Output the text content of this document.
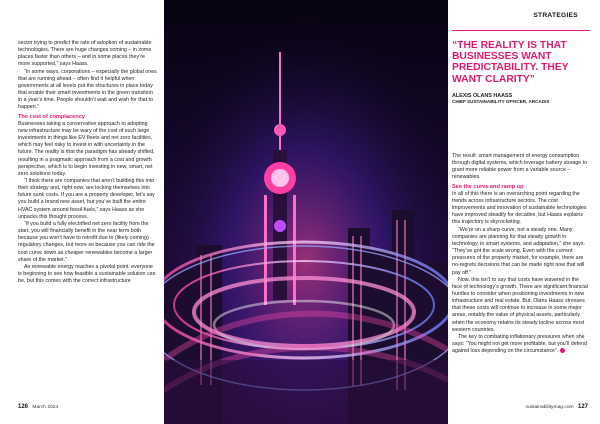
sector trying to predict the rate of adoption of sustainable technologies. There are huge changes coming – in some places faster than others – and in some places they’re more supported,” says Haass.

“In some ways, corporations – especially the global ones that are running ahead – often find it helpful when governments at all levels put the structures in place today that enable their smart investments in the green transition in a year’s time. People shouldn’t wait and wish for that to happen.”

The cost of complacency

Businesses taking a conservative approach to adopting new infrastructure may be wary of the cost of such large investments in things like EV fleets and net zero facilities, which may feel risky to invest in with uncertainty in the future. The reality is that the paradigm has already shifted, resulting in a pragmatic approach from a cost and growth perspective, which is to begin investing in new, smart, net zero solutions today.

“I think there are companies that aren’t building this into their strategy and, right now, are locking themselves into future sunk costs. If you are a property developer, let’s say you build a brand new asset, but you’ve built the entire HVAC system around fossil-fuels,” says Haass as she unpacks this thought process.

“If you build a fully electrified net zero facility from the start, you will financially benefit in the near term both because you won’t have to retrofit due to (likely coming) regulatory changes, but more so because you can ride the cost curve down as cheaper renewables become a larger share of the market.”

As renewable energy reaches a pivotal point, everyone is beginning to see how feasible a sustainable solution can be, but this comes with the correct infrastructure

STRATEGIES

“THE REALITY IS THAT BUSINESSES WANT PREDICTABILITY. THEY WANT CLARITY”

ALEXIS OLANS HAASS
CHIEF SUSTAINABILITY OFFICER, ARCADIS

The result: smart management of energy consumption through digital systems, which leverage battery storage to grant more reliable power from a variable source – renewables.

See the curve and ramp up

In all of this there is an overarching point regarding the trends across infrastructure sectors. The cost improvements and innovation of sustainable technologies have improved steadily for decades, but Haass explains this trajectory is skyrocketing.

“We’re on a sharp curve, not a steady one. Many companies are planning for that steady growth in technology, in smart systems, and adaptation,” she says. “They’ve got the scale wrong. Even with the current pressures of the property market, for example, there are no-regrets decisions that can be made right now that will pay off.”

Now, this isn’t to say that costs have wavered in the face of technology’s growth. There are significant financial hurdles to consider when positioning investments in new infrastructure and real estate. But, Olans Haass stresses that these costs will continue to increase in some major areas, notably the value of physical assets, particularly when the economy retains its steady incline across most western countries.

The key to combating inflationary pressures when she says: “You might not get more profitable, but you’ll defend against loss depending on the circumstance”.

126 March 2024	sustainabilitymag.com 127
